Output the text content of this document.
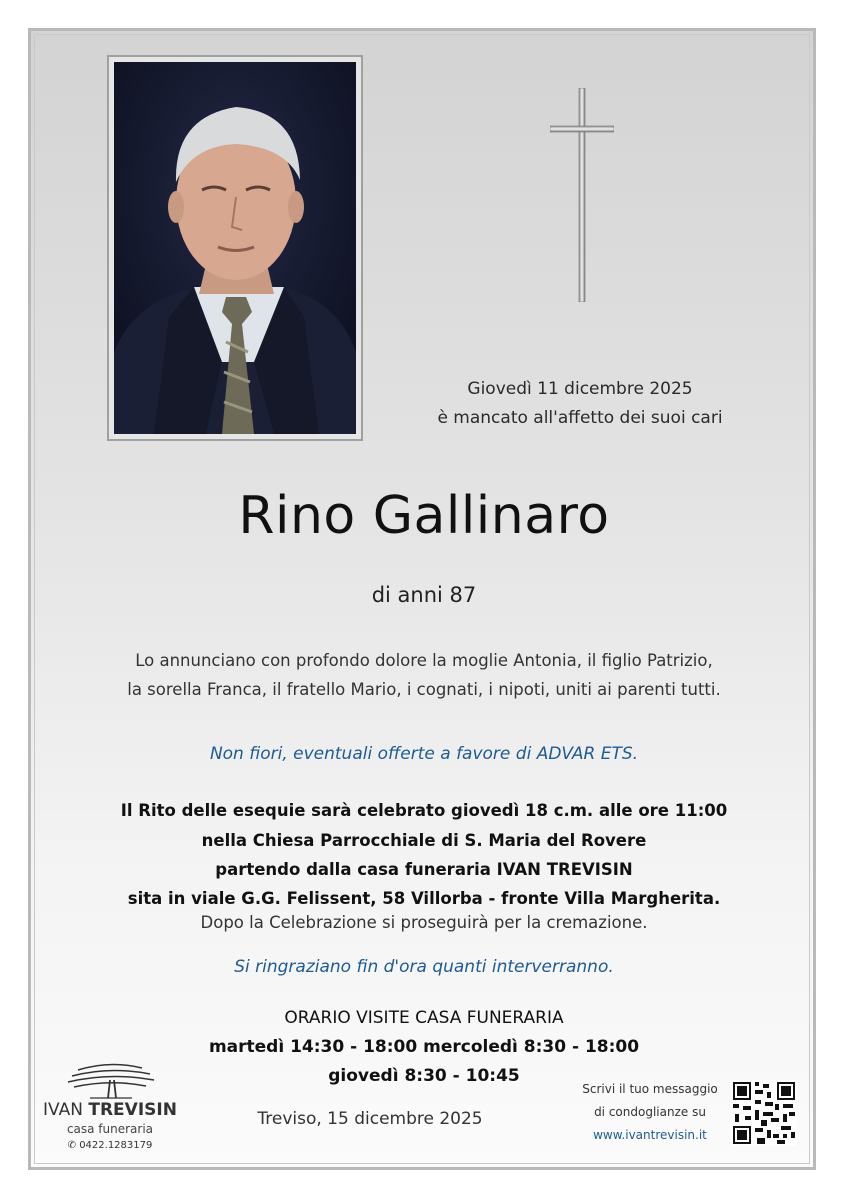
Giovedì 11 dicembre 2025
è mancato all'affetto dei suoi cari
Rino Gallinaro
di anni 87
Lo annunciano con profondo dolore la moglie Antonia, il figlio Patrizio,
la sorella Franca, il fratello Mario, i cognati, i nipoti, uniti ai parenti tutti.
Non fiori, eventuali offerte a favore di ADVAR ETS.
Il Rito delle esequie sarà celebrato giovedì 18 c.m. alle ore 11:00
nella Chiesa Parrocchiale di S. Maria del Rovere
partendo dalla casa funeraria IVAN TREVISIN
sita in viale G.G. Felissent, 58 Villorba - fronte Villa Margherita.
Dopo la Celebrazione si proseguirà per la cremazione.
Si ringraziano fin d'ora quanti interverranno.
ORARIO VISITE CASA FUNERARIA
martedì 14:30 - 18:00 mercoledì 8:30 - 18:00
giovedì 8:30 - 10:45
IVAN TREVISIN
casa funeraria
✆ 0422.1283179
Treviso, 15 dicembre 2025
Scrivi il tuo messaggio
di condoglianze su
www.ivantrevisin.it
